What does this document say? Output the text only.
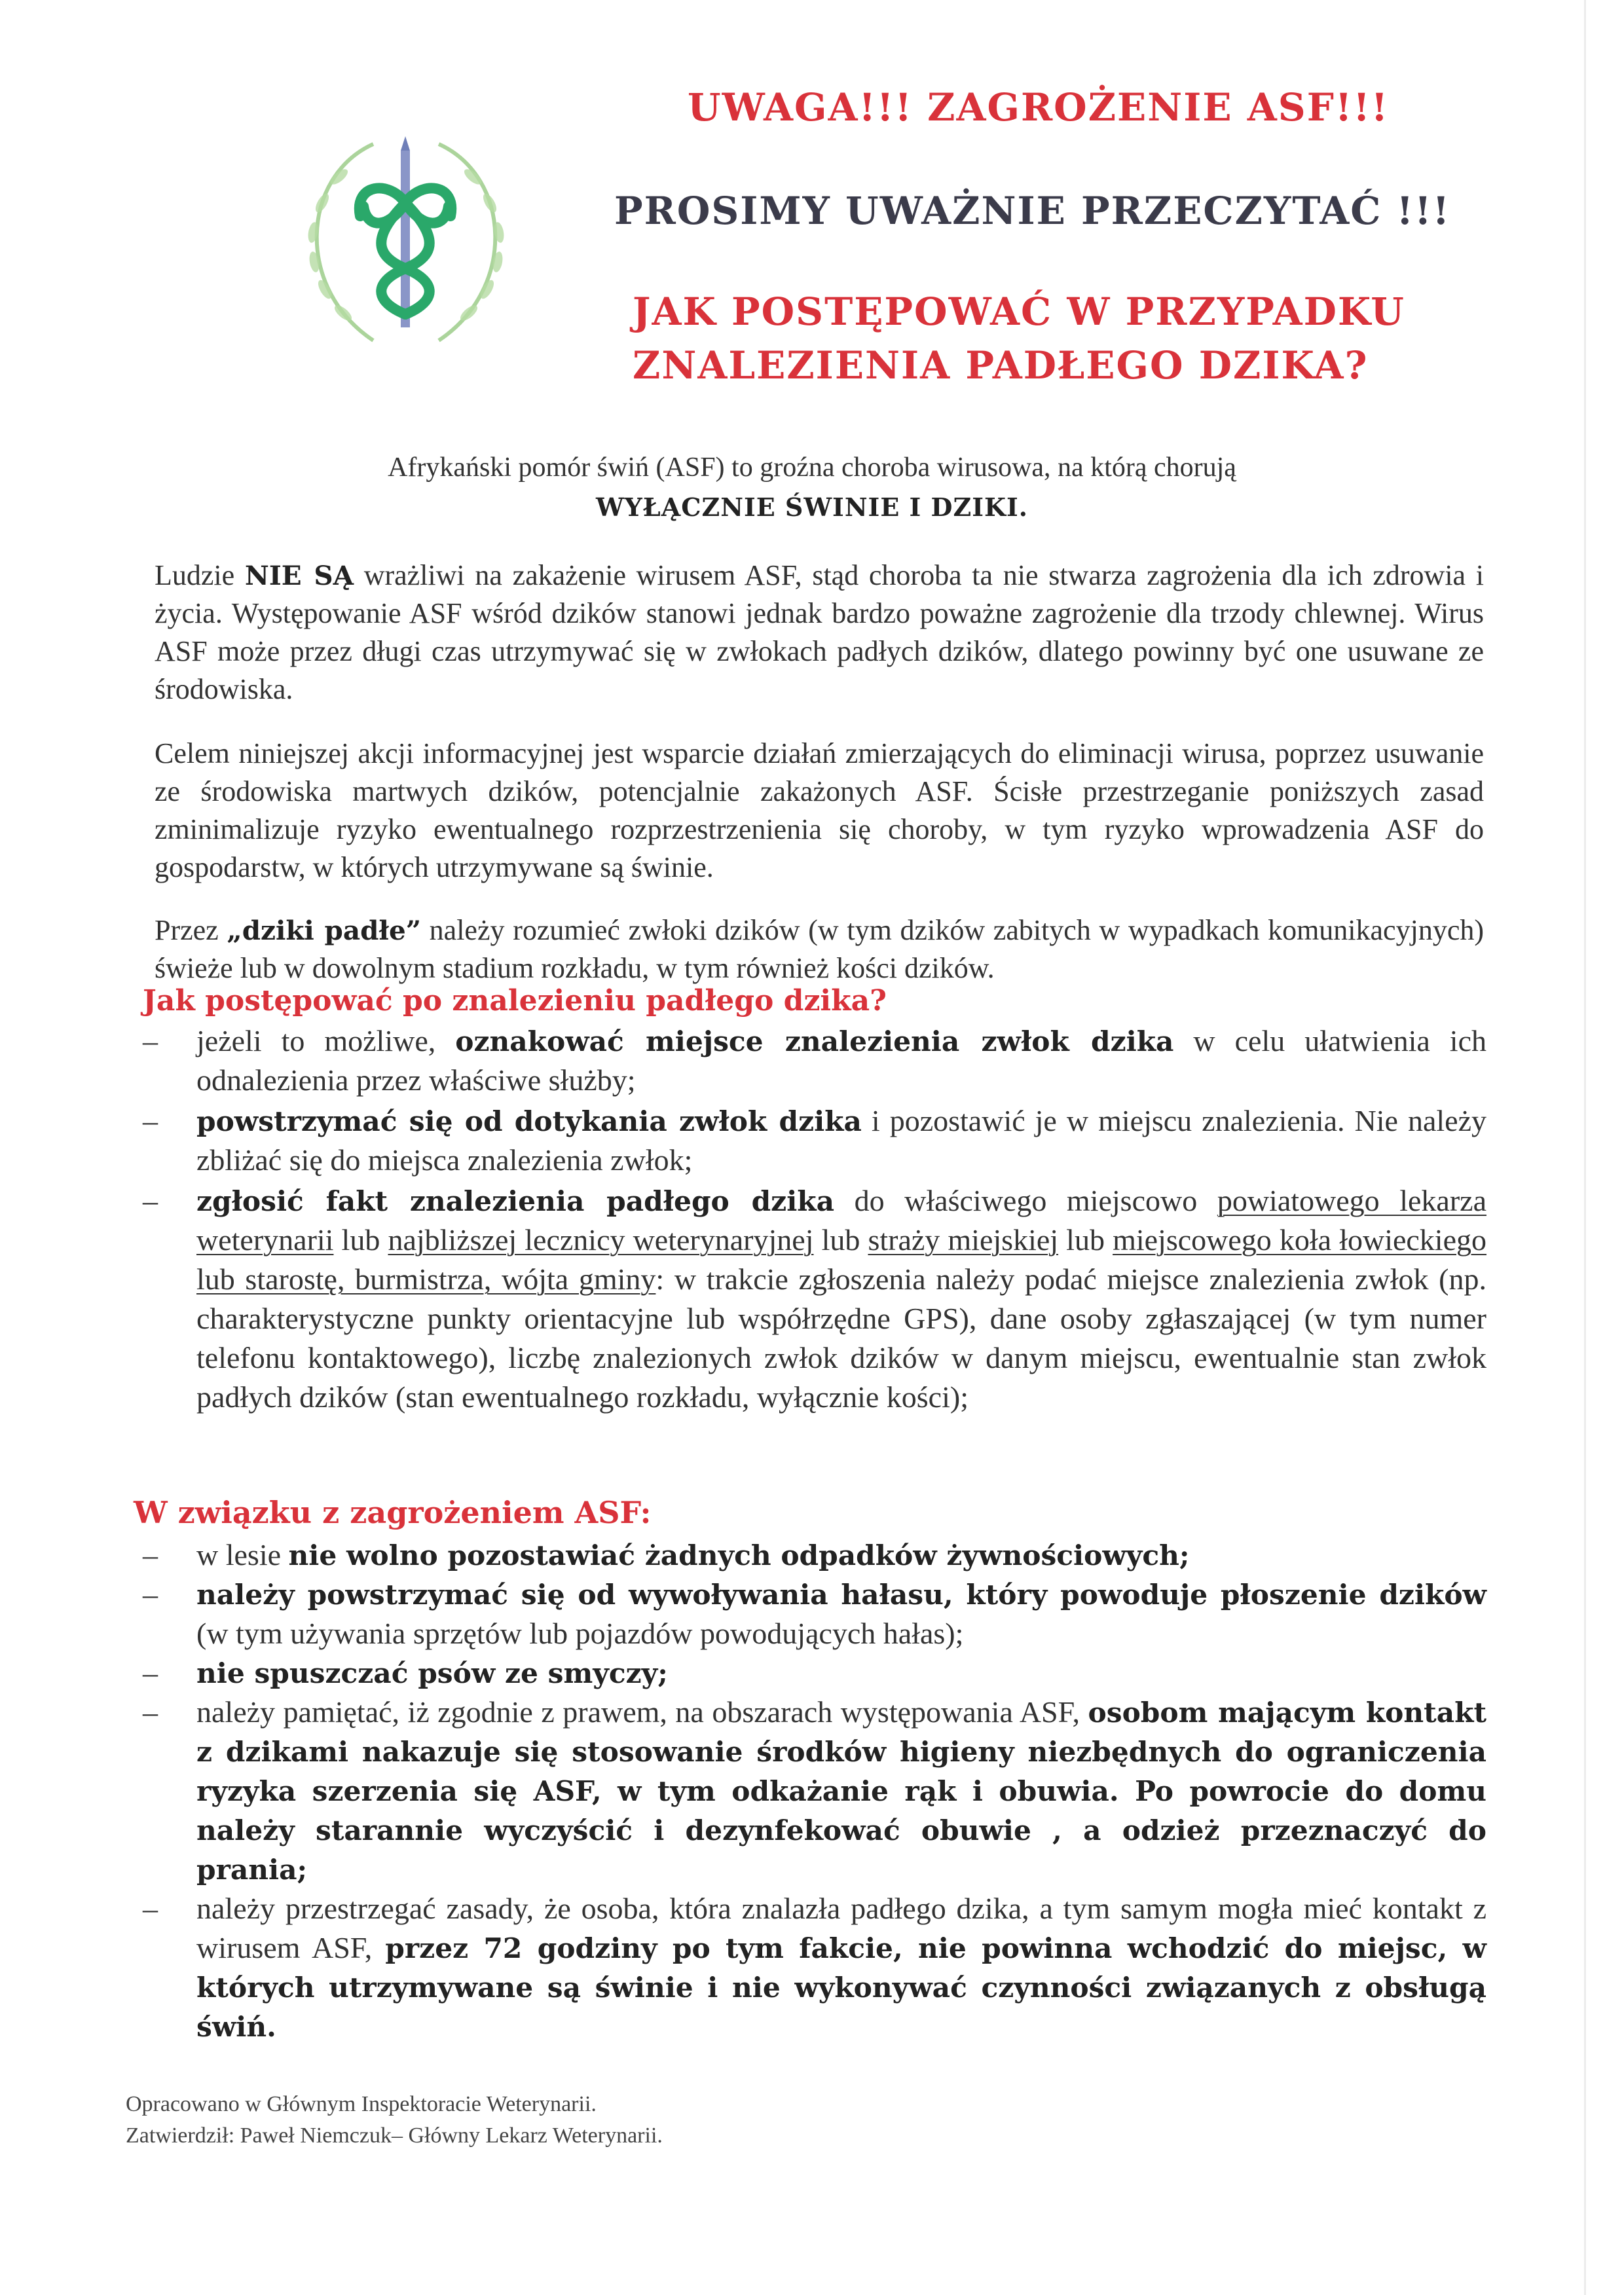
UWAGA!!! ZAGROŻENIE ASF!!!
PROSIMY UWAŻNIE PRZECZYTAĆ !!!
JAK POSTĘPOWAĆ W PRZYPADKU
ZNALEZIENIA PADŁEGO DZIKA?
Afrykański pomór świń (ASF) to groźna choroba wirusowa, na którą chorują
WYŁĄCZNIE ŚWINIE I DZIKI.

Ludzie NIE SĄ wrażliwi na zakażenie wirusem ASF, stąd choroba ta nie stwarza zagrożenia dla ich zdrowia i życia. Występowanie ASF wśród dzików stanowi jednak bardzo poważne zagrożenie dla trzody chlewnej. Wirus ASF może przez długi czas utrzymywać się w zwłokach padłych dzików, dlatego powinny być one usuwane ze środowiska.

Celem niniejszej akcji informacyjnej jest wsparcie działań zmierzających do eliminacji wirusa, poprzez usuwanie ze środowiska martwych dzików, potencjalnie zakażonych ASF. Ścisłe przestrzeganie poniższych zasad zminimalizuje ryzyko ewentualnego rozprzestrzenienia się choroby, w tym ryzyko wprowadzenia ASF do gospodarstw, w których utrzymywane są świnie.

Przez „dziki padłe” należy rozumieć zwłoki dzików (w tym dzików zabitych w wypadkach komunikacyjnych) świeże lub w dowolnym stadium rozkładu, w tym również kości dzików.

Jak postępować po znalezieniu padłego dzika?
– jeżeli to możliwe, oznakować miejsce znalezienia zwłok dzika w celu ułatwienia ich odnalezienia przez właściwe służby;
– powstrzymać się od dotykania zwłok dzika i pozostawić je w miejscu znalezienia. Nie należy zbliżać się do miejsca znalezienia zwłok;
– zgłosić fakt znalezienia padłego dzika do właściwego miejscowo powiatowego lekarza weterynarii lub najbliższej lecznicy weterynaryjnej lub straży miejskiej lub miejscowego koła łowieckiego lub starostę, burmistrza, wójta gminy: w trakcie zgłoszenia należy podać miejsce znalezienia zwłok (np. charakterystyczne punkty orientacyjne lub współrzędne GPS), dane osoby zgłaszającej (w tym numer telefonu kontaktowego), liczbę znalezionych zwłok dzików w danym miejscu, ewentualnie stan zwłok padłych dzików (stan ewentualnego rozkładu, wyłącznie kości);
W związku z zagrożeniem ASF:
– w lesie nie wolno pozostawiać żadnych odpadków żywnościowych;
– należy powstrzymać się od wywoływania hałasu, który powoduje płoszenie dzików (w tym używania sprzętów lub pojazdów powodujących hałas);
– nie spuszczać psów ze smyczy;
– należy pamiętać, iż zgodnie z prawem, na obszarach występowania ASF, osobom mającym kontakt z dzikami nakazuje się stosowanie środków higieny niezbędnych do ograniczenia ryzyka szerzenia się ASF, w tym odkażanie rąk i obuwia. Po powrocie do domu należy starannie wyczyścić i dezynfekować obuwie , a odzież przeznaczyć do prania;
– należy przestrzegać zasady, że osoba, która znalazła padłego dzika, a tym samym mogła mieć kontakt z wirusem ASF, przez 72 godziny po tym fakcie, nie powinna wchodzić do miejsc, w których utrzymywane są świnie i nie wykonywać czynności związanych z obsługą świń.
Opracowano w Głównym Inspektoracie Weterynarii.
Zatwierdził: Paweł Niemczuk– Główny Lekarz Weterynarii.
